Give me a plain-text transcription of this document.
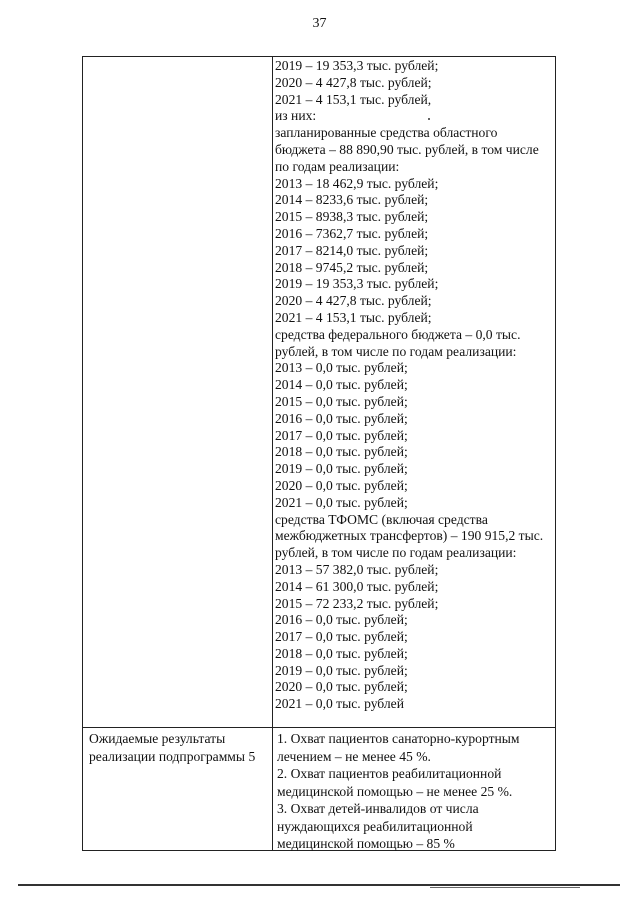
37
2019 – 19 353,3 тыс. рублей;
2020 – 4 427,8 тыс. рублей;
2021 – 4 153,1 тыс. рублей,
из них:
запланированные средства областного
бюджета – 88 890,90 тыс. рублей, в том числе
по годам реализации:
2013 – 18 462,9 тыс. рублей;
2014 – 8233,6 тыс. рублей;
2015 – 8938,3 тыс. рублей;
2016 – 7362,7 тыс. рублей;
2017 – 8214,0 тыс. рублей;
2018 – 9745,2 тыс. рублей;
2019 – 19 353,3 тыс. рублей;
2020 – 4 427,8 тыс. рублей;
2021 – 4 153,1 тыс. рублей;
средства федерального бюджета – 0,0 тыс.
рублей, в том числе по годам реализации:
2013 – 0,0 тыс. рублей;
2014 – 0,0 тыс. рублей;
2015 – 0,0 тыс. рублей;
2016 – 0,0 тыс. рублей;
2017 – 0,0 тыс. рублей;
2018 – 0,0 тыс. рублей;
2019 – 0,0 тыс. рублей;
2020 – 0,0 тыс. рублей;
2021 – 0,0 тыс. рублей;
средства ТФОМС (включая средства
межбюджетных трансфертов) – 190 915,2 тыс.
рублей, в том числе по годам реализации:
2013 – 57 382,0 тыс. рублей;
2014 – 61 300,0 тыс. рублей;
2015 – 72 233,2 тыс. рублей;
2016 – 0,0 тыс. рублей;
2017 – 0,0 тыс. рублей;
2018 – 0,0 тыс. рублей;
2019 – 0,0 тыс. рублей;
2020 – 0,0 тыс. рублей;
2021 – 0,0 тыс. рублей
Ожидаемые результаты
реализации подпрограммы 5
1. Охват пациентов санаторно-курортным
лечением – не менее 45 %.
2. Охват пациентов реабилитационной
медицинской помощью – не менее 25 %.
3. Охват детей-инвалидов от числа
нуждающихся реабилитационной
медицинской помощью – 85 %
